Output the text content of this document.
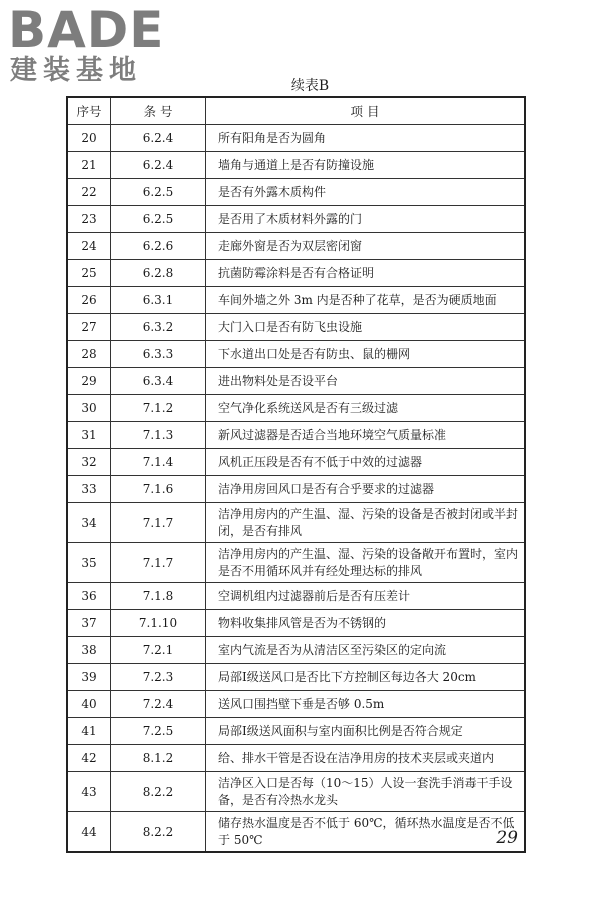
BADE
建装基地	续表B
序号	条 号	项 目
20	6.2.4	所有阳角是否为圆角
21	6.2.4	墙角与通道上是否有防撞设施
22	6.2.5	是否有外露木质构件
23	6.2.5	是否用了木质材料外露的门
24	6.2.6	走廊外窗是否为双层密闭窗
25	6.2.8	抗菌防霉涂料是否有合格证明
26	6.3.1	车间外墙之外 3m 内是否种了花草，是否为硬质地面
27	6.3.2	大门入口是否有防飞虫设施
28	6.3.3	下水道出口处是否有防虫、鼠的栅网
29	6.3.4	进出物料处是否设平台
30	7.1.2	空气净化系统送风是否有三级过滤
31	7.1.3	新风过滤器是否适合当地环境空气质量标准
32	7.1.4	风机正压段是否有不低于中效的过滤器
33	7.1.6	洁净用房回风口是否有合乎要求的过滤器
34	7.1.7	洁净用房内的产生温、湿、污染的设备是否被封闭或半封闭，是否有排风
35	7.1.7	洁净用房内的产生温、湿、污染的设备敞开布置时，室内是否不用循环风并有经处理达标的排风
36	7.1.8	空调机组内过滤器前后是否有压差计
37	7.1.10	物料收集排风管是否为不锈钢的
38	7.2.1	室内气流是否为从清洁区至污染区的定向流
39	7.2.3	局部Ⅰ级送风口是否比下方控制区每边各大 20cm
40	7.2.4	送风口围挡壁下垂是否够 0.5m
41	7.2.5	局部Ⅰ级送风面积与室内面积比例是否符合规定
42	8.1.2	给、排水干管是否设在洁净用房的技术夹层或夹道内
43	8.2.2	洁净区入口是否每（10～15）人设一套洗手消毒干手设备，是否有冷热水龙头
44	8.2.2	储存热水温度是否不低于 60℃，循环热水温度是否不低于 50℃	29
